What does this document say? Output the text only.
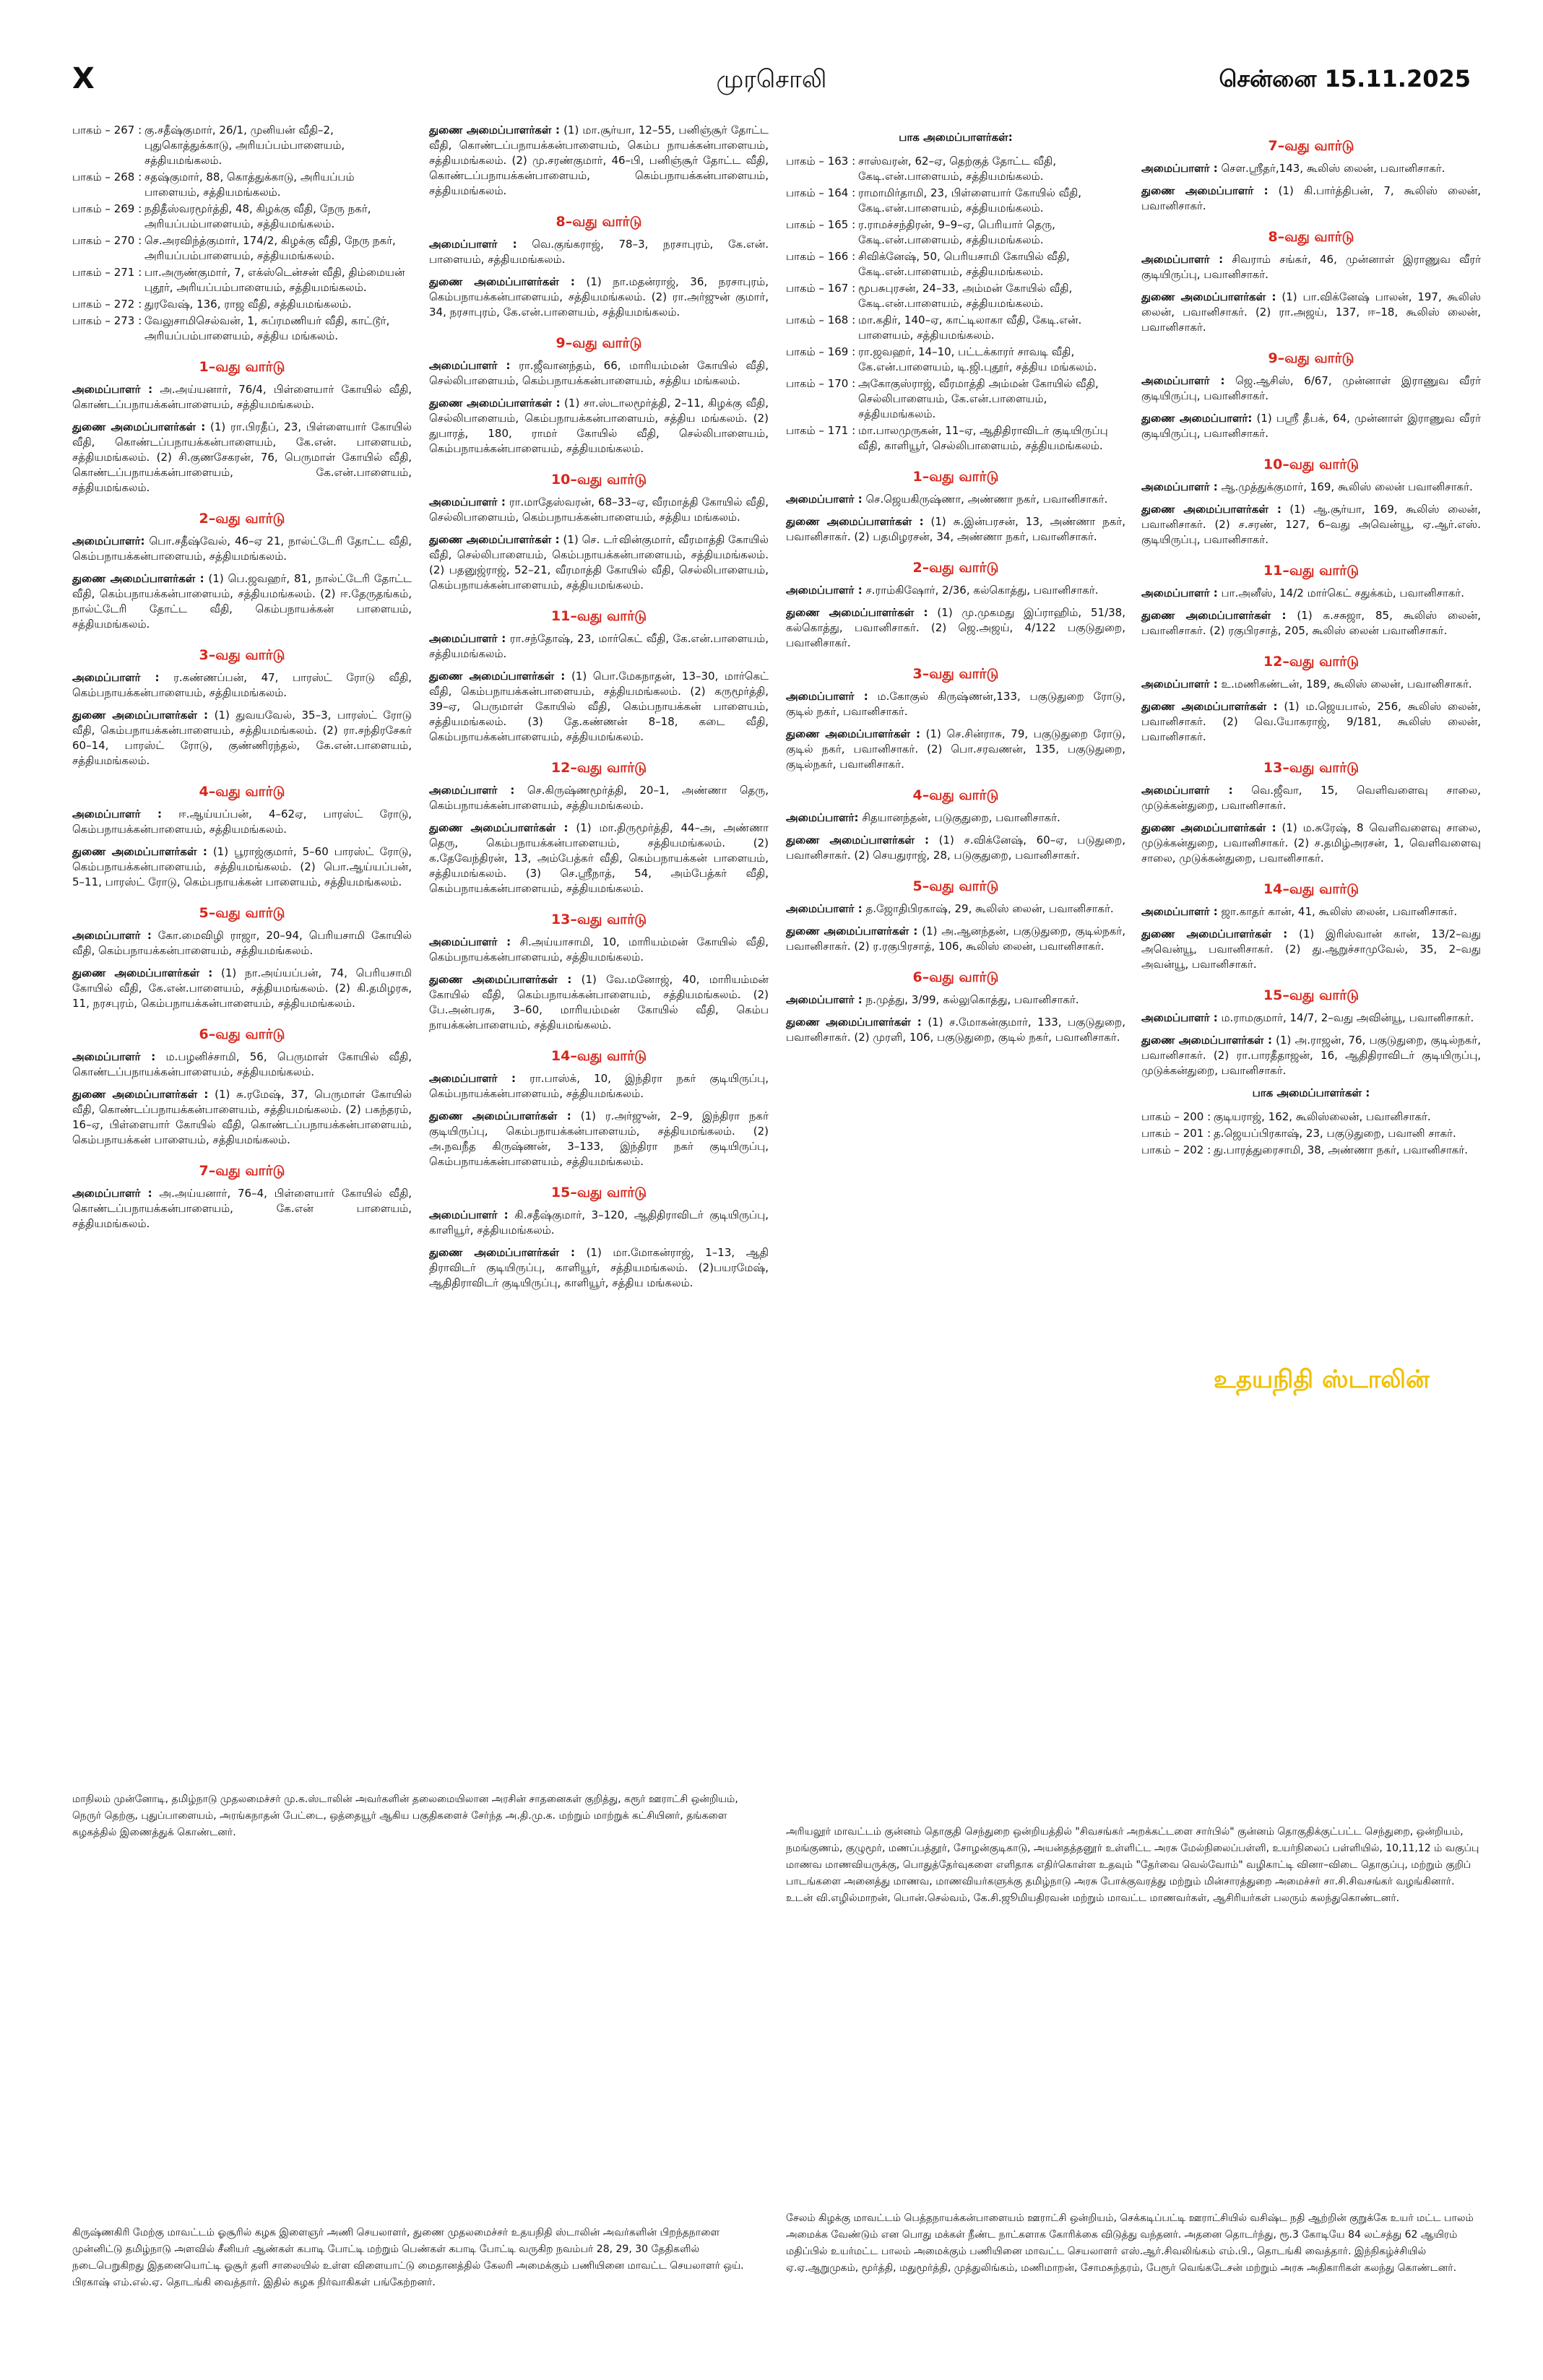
X	முரசொலி	சென்னை 15.11.2025
பாகம் – 267 : கு.சதீஷ்குமார், 26/1, முனியன் வீதி–2, புதுகொத்துக்காடு, அரியப்பம்பாளையம், சத்தியமங்கலம்.
பாகம் – 268 : சதஷ்குமார், 88, கொத்துக்காடு, அரியப்பம் பாளையம், சத்தியமங்கலம்.
பாகம் – 269 : நதிதீஸ்வரமூர்த்தி, 48, கிழக்கு வீதி, நேரு நகர், அரியப்பம்பாளையம், சத்தியமங்கலம்.
பாகம் – 270 : செ.அரவிந்த்குமார், 174/2, கிழக்கு வீதி, நேரு நகர், அரியப்பம்பாளையம், சத்தியமங்கலம்.
பாகம் – 271 : பா.அருண்குமார், 7, எக்ஸ்டென்சன் வீதி, திம்மையன் புதூர், அரியப்பம்பாளையம், சத்தியமங்கலம்.
பாகம் – 272 : துரவேஷ், 136, ராஜ வீதி, சத்தியமங்கலம்.
பாகம் – 273 : வேலுசாமிசெல்வன், 1, சுப்ரமணியர் வீதி, காட்டூர், அரியப்பம்பாளையம், சத்திய மங்கலம்.
1–வது வார்டு

அமைப்பாளர் : அ.அய்யனார், 76/4, பிள்ளையார் கோயில் வீதி, கொண்டப்பநாயக்கன்பாளையம், சத்தியமங்கலம்.

துணை அமைப்பாளர்கள் : (1) ரா.பிரதீப், 23, பிள்ளையார் கோயில் வீதி, கொண்டப்பநாயக்கன்பாளையம், கே.என். பாளையம், சத்தியமங்கலம். (2) சி.குணசேகரன், 76, பெருமாள் கோயில் வீதி, கொண்டப்பநாயக்கன்பாளையம், கே.என்.பாளையம், சத்தியமங்கலம்.

2–வது வார்டு

அமைப்பாளர்: பொ.சதீஷ்வேல், 46–ஏ 21, நால்ட்டேரி தோட்ட வீதி, கெம்பநாயக்கன்பாளையம், சத்தியமங்கலம்.

துணை அமைப்பாளர்கள் : (1) பெ.ஜவஹர், 81, நால்ட்டேரி தோட்ட வீதி, கெம்பநாயக்கன்பாளையம், சத்தியமங்கலம். (2) ஈ.தேருதங்கம், நால்ட்டேரி தோட்ட வீதி, கெம்பநாயக்கன் பாளையம், சத்தியமங்கலம்.

3–வது வார்டு

அமைப்பாளர் : ர.கண்ணப்பன், 47, பாரஸ்ட் ரோடு வீதி, கெம்பநாயக்கன்பாளையம், சத்தியமங்கலம்.

துணை அமைப்பாளர்கள் : (1) துவயவேல், 35–3, பாரஸ்ட் ரோடு வீதி, கெம்பநாயக்கன்பாளையம், சத்தியமங்கலம். (2) ரா.சந்திரசேகர் 60–14, பாரஸ்ட் ரோடு, குண்ணிரந்தல், கே.என்.பாளையம், சத்தியமங்கலம்.

4–வது வார்டு

அமைப்பாளர் : ஈ.ஆய்யப்பன், 4–62ஏ, பாரஸ்ட் ரோடு, கெம்பநாயக்கன்பாளையம், சத்தியமங்கலம்.

துணை அமைப்பாளர்கள் : (1) பூராஜ்குமார், 5–60 பாரஸ்ட் ரோடு, கெம்பநாயக்கன்பாளையம், சத்தியமங்கலம். (2) பொ.ஆய்யப்பன், 5–11, பாரஸ்ட் ரோடு, கெம்பநாயக்கன் பாளையம், சத்தியமங்கலம்.

5–வது வார்டு

அமைப்பாளர் : கோ.மைவிழி ராஜா, 20–94, பெரியசாமி கோயில் வீதி, கெம்பநாயக்கன்பாளையம், சத்தியமங்கலம்.

துணை அமைப்பாளர்கள் : (1) நா.அய்யப்பன், 74, பெரியசாமி கோயில் வீதி, கே.என்.பாளையம், சத்தியமங்கலம். (2) கி.தமிழரசு, 11, நரசபுரம், கெம்பநாயக்கன்பாளையம், சத்தியமங்கலம்.

6–வது வார்டு

அமைப்பாளர் : ம.பழனிச்சாமி, 56, பெருமாள் கோயில் வீதி, கொண்டப்பநாயக்கன்பாளையம், சத்தியமங்கலம்.

துணை அமைப்பாளர்கள் : (1) சு.ரமேஷ், 37, பெருமாள் கோயில் வீதி, கொண்டப்பநாயக்கன்பாளையம், சத்தியமங்கலம். (2) பகந்தரம், 16–ஏ, பிள்ளையார் கோயில் வீதி, கொண்டப்பநாயக்கன்பாளையம், கெம்பநாயக்கன் பாளையம், சத்தியமங்கலம்.

7–வது வார்டு

அமைப்பாளர் : அ.அய்யனார், 76–4, பிள்ளையார் கோயில் வீதி, கொண்டப்பநாயக்கன்பாளையம், கே.என் பாளையம், சத்தியமங்கலம்.

துணை அமைப்பாளர்கள் : (1) மா.சூர்யா, 12–55, பனிஞ்சூர் தோட்ட வீதி, கொண்டப்பநாயக்கன்பாளையம், கெம்ப நாயக்கன்பாளையம், சத்தியமங்கலம். (2) மு.சரண்குமார், 46–பி, பனிஞ்சூர் தோட்ட வீதி, கொண்டப்பநாயக்கன்பாளையம், கெம்பநாயக்கன்பாளையம், சத்தியமங்கலம்.

8–வது வார்டு

அமைப்பாளர் : வெ.குங்கராஜ், 78–3, நரசாபுரம், கே.என். பாளையம், சத்தியமங்கலம்.

துணை அமைப்பாளர்கள் : (1) நா.மதன்ராஜ், 36, நரசாபுரம், கெம்பநாயக்கன்பாளையம், சத்தியமங்கலம். (2) ரா.அர்ஜுன் குமார், 34, நரசாபுரம், கே.என்.பாளையம், சத்தியமங்கலம்.

9–வது வார்டு

அமைப்பாளர் : ரா.ஜீவானந்தம், 66, மாரியம்மன் கோயில் வீதி, செல்லிபாளையம், கெம்பநாயக்கன்பாளையம், சத்திய மங்கலம்.

துணை அமைப்பாளர்கள் : (1) சா.ஸ்டாலமூர்த்தி, 2–11, கிழக்கு வீதி, செல்லிபாளையம், கெம்பநாயக்கன்பாளையம், சத்திய மங்கலம். (2) துபாரத், 180, ராமர் கோயில் வீதி, செல்லிபாளையம், கெம்பநாயக்கன்பாளையம், சத்தியமங்கலம்.

10–வது வார்டு

அமைப்பாளர் : ரா.மாதேஸ்வரன், 68–33–ஏ, வீரமாத்தி கோயில் வீதி, செல்லிபாளையம், கெம்பநாயக்கன்பாளையம், சத்திய மங்கலம்.

துணை அமைப்பாளர்கள் : (1) செ. டா்வின்குமார், வீரமாத்தி கோயில் வீதி, செல்லிபாளையம், கெம்பநாயக்கன்பாளையம், சத்தியமங்கலம். (2) பதனுஜ்ராஜ், 52–21, வீரமாத்தி கோயில் வீதி, செல்லிபாளையம், கெம்பநாயக்கன்பாளையம், சத்தியமங்கலம்.

11–வது வார்டு

அமைப்பாளர் : ரா.சந்தோஷ், 23, மார்கெட் வீதி, கே.என்.பாளையம், சத்தியமங்கலம்.

துணை அமைப்பாளர்கள் : (1) பொ.மேகநாதன், 13–30, மார்கெட் வீதி, கெம்பநாயக்கன்பாளையம், சத்தியமங்கலம். (2) கருமூர்த்தி, 39–ஏ, பெருமாள் கோயில் வீதி, கெம்பநாயக்கன் பாளையம், சத்தியமங்கலம். (3) தே.கண்ணன் 8–18, கடை வீதி, கெம்பநாயக்கன்பாளையம், சத்தியமங்கலம்.

12–வது வார்டு

அமைப்பாளர் : செ.கிருஷ்ணமூர்த்தி, 20–1, அண்ணா தெரு, கெம்பநாயக்கன்பாளையம், சத்தியமங்கலம்.

துணை அமைப்பாளர்கள் : (1) மா.திருமூர்த்தி, 44–அ, அண்ணா தெரு, கெம்பநாயக்கன்பாளையம், சத்தியமங்கலம். (2) க.தேவேந்திரன், 13, அம்பேத்கர் வீதி, கெம்பநாயக்கன் பாளையம், சத்தியமங்கலம். (3) செ.ஸ்ரீநாத், 54, அம்பேத்கர் வீதி, கெம்பநாயக்கன்பாளையம், சத்தியமங்கலம்.

13–வது வார்டு

அமைப்பாளர் : சி.அய்யாசாமி, 10, மாரியம்மன் கோயில் வீதி, கெம்பநாயக்கன்பாளையம், சத்தியமங்கலம்.

துணை அமைப்பாளர்கள் : (1) வே.மனோஜ், 40, மாரியம்மன் கோயில் வீதி, கெம்பநாயக்கன்பாளையம், சத்தியமங்கலம். (2) பே.அன்பரசு, 3–60, மாரியம்மன் கோயில் வீதி, கெம்ப நாயக்கன்பாளையம், சத்தியமங்கலம்.

14–வது வார்டு

அமைப்பாளர் : ரா.பாஸ்க், 10, இந்திரா நகர் குடியிருப்பு, கெம்பநாயக்கன்பாளையம், சத்தியமங்கலம்.

துணை அமைப்பாளர்கள் : (1) ர.அர்ஜுன், 2–9, இந்திரா நகர் குடியிருப்பு, கெம்பநாயக்கன்பாளையம், சத்தியமங்கலம். (2) அ.நவநீத கிருஷ்ணன், 3–133, இந்திரா நகர் குடியிருப்பு, கெம்பநாயக்கன்பாளையம், சத்தியமங்கலம்.

15–வது வார்டு

அமைப்பாளர் : கி.சதீஷ்குமார், 3–120, ஆதிதிராவிடர் குடியிருப்பு, காளியூர், சத்தியமங்கலம்.

துணை அமைப்பாளர்கள் : (1) மா.மோகன்ராஜ், 1–13, ஆதி திராவிடர் குடியிருப்பு, காளியூர், சத்தியமங்கலம். (2)பயரமேஷ், ஆதிதிராவிடர் குடியிருப்பு, காளியூர், சத்திய மங்கலம்.

பாக அமைப்பாளர்கள்:
பாகம் – 163 : சாஸ்வரன், 62–ஏ, தெற்குத் தோட்ட வீதி, கேடி.என்.பாளையம், சத்தியமங்கலம்.
பாகம் – 164 : ராமாமிர்தாமி, 23, பிள்ளையார் கோயில் வீதி, கேடி.என்.பாளையம், சத்தியமங்கலம்.
பாகம் – 165 : ர.ராமச்சந்திரன், 9–9–ஏ, பெரியார் தெரு, கேடி.என்.பாளையம், சத்தியமங்கலம்.
பாகம் – 166 : சிவிக்னேஷ், 50, பெரியசாமி கோயில் வீதி, கேடி.என்.பாளையம், சத்தியமங்கலம்.
பாகம் – 167 : மூபசுபுரசன், 24–33, அம்மன் கோயில் வீதி, கேடி.என்.பாளையம், சத்தியமங்கலம்.
பாகம் – 168 : மா.கதிர், 140–ஏ, காட்டிலாகா வீதி, கேடி.என். பாளையம், சத்தியமங்கலம்.
பாகம் – 169 : ரா.ஜவஹர், 14–10, பட்டக்காரர் சாவடி வீதி, கே.என்.பாளையம், டி.ஜி.புதூர், சத்திய மங்கலம்.
பாகம் – 170 : அகோகுஸ்ராஜ், வீரமாத்தி அம்மன் கோயில் வீதி, செல்லிபாளையம், கே.என்.பாளையம், சத்தியமங்கலம்.
பாகம் – 171 : மா.பாலமுருகன், 11–ஏ, ஆதிதிராவிடர் குடியிருப்பு வீதி, காளியூர், செல்லிபாளையம், சத்தியமங்கலம்.
1–வது வார்டு

அமைப்பாளர் : செ.ஜெயகிருஷ்ணா, அண்ணா நகர், பவானிசாகர்.

துணை அமைப்பாளர்கள் : (1) சு.இன்பரசன், 13, அண்ணா நகர், பவானிசாகர். (2) பதமிழரசன், 34, அண்ணா நகர், பவானிசாகர்.

2–வது வார்டு

அமைப்பாளர் : ச.ராம்கிஷோர், 2/36, கல்கொத்து, பவானிசாகர்.

துணை அமைப்பாளர்கள் : (1) மு.முகமது இப்ராஹிம், 51/38, கல்கொத்து, பவானிசாகர். (2) ஜெ.அஜய், 4/122 பகுடுதுறை, பவானிசாகர்.

3–வது வார்டு

அமைப்பாளர் : ம.கோகுல் கிருஷ்ணன்,133, பகுடுதுறை ரோடு, குடில் நகர், பவானிசாகர்.

துணை அமைப்பாளர்கள் : (1) செ.சின்ராசு, 79, பகுடுதுறை ரோடு, குடில் நகர், பவானிசாகர். (2) பொ.சரவணன், 135, பகுடுதுறை, குடில்நகர், பவானிசாகர்.

4–வது வார்டு

அமைப்பாளர்: சிதயானந்தன், படுகுதுறை, பவானிசாகர்.

துணை அமைப்பாளர்கள் : (1) ச.விக்னேஷ், 60–ஏ, படுதுறை, பவானிசாகர். (2) செயதுராஜ், 28, படுகுதுறை, பவானிசாகர்.

5–வது வார்டு

அமைப்பாளர் : த.ஜோதிபிரகாஷ், 29, கூலிஸ் லைன், பவானிசாகர்.

துணை அமைப்பாளர்கள் : (1) அ.ஆனந்தன், பகுடுதுறை, குடில்நகர், பவானிசாகர். (2) ர.ரகுபிரசாத், 106, கூலிஸ் லைன், பவானிசாகர்.

6–வது வார்டு

அமைப்பாளர் : ந.முத்து, 3/99, கல்லுகொத்து, பவானிசாகர்.

துணை அமைப்பாளர்கள் : (1) ச.மோகன்குமார், 133, பகுடுதுறை, பவானிசாகர். (2) முரளி, 106, பகுடுதுறை, குடில் நகர், பவானிசாகர்.

7–வது வார்டு

அமைப்பாளர் : செள.ஸ்ரீதர்,143, கூலிஸ் லைன், பவானிசாகர்.

துணை அமைப்பாளர் : (1) கி.பார்த்திபன், 7, கூலிஸ் லைன், பவானிசாகர்.

8–வது வார்டு

அமைப்பாளர் : சிவராம் சங்கர், 46, முன்னாள் இராணுவ வீரர் குடியிருப்பு, பவானிசாகர்.

துணை அமைப்பாளர்கள் : (1) பா.விக்னேஷ் பாலன், 197, கூலிஸ் லைன், பவானிசாகர். (2) ரா.அஜய், 137, ஈ–18, கூலிஸ் லைன், பவானிசாகர்.

9–வது வார்டு

அமைப்பாளர் : ஜெ.ஆசிஸ், 6/67, முன்னாள் இராணுவ வீரர் குடியிருப்பு, பவானிசாகர்.

துணை அமைப்பாளர்: (1) பஸ்ரீ தீபக், 64, முன்னாள் இராணுவ வீரர் குடியிருப்பு, பவானிசாகர்.

10–வது வார்டு

அமைப்பாளர் : ஆ.முத்துக்குமார், 169, கூலிஸ் லைன் பவானிசாகர்.

துணை அமைப்பாளர்கள் : (1) ஆ.சூர்யா, 169, கூலிஸ் லைன், பவானிசாகர். (2) ச.சரண், 127, 6–வது அவென்யூ, ஏ.ஆர்.எஸ். குடியிருப்பு, பவானிசாகர்.

11–வது வார்டு

அமைப்பாளர் : பா.அனீஸ், 14/2 மார்கெட் சதுக்கம், பவானிசாகர்.

துணை அமைப்பாளர்கள் : (1) க.சசுஜா, 85, கூலிஸ் லைன், பவானிசாகர். (2) ரகுபிரசாத், 205, கூலிஸ் லைன் பவானிசாகர்.

12–வது வார்டு

அமைப்பாளர் : உ.மணிகண்டன், 189, கூலிஸ் லைன், பவானிசாகர்.

துணை அமைப்பாளர்கள் : (1) ம.ஜெயபால், 256, கூலிஸ் லைன், பவானிசாகர். (2) வெ.யோகராஜ், 9/181, கூலிஸ் லைன், பவானிசாகர்.

13–வது வார்டு

அமைப்பாளர் : வெ.ஜீவா, 15, வெளிவளைவு சாலை, முடுக்கன்துறை, பவானிசாகர்.

துணை அமைப்பாளர்கள் : (1) ம.சுரேஷ், 8 வெளிவளைவு சாலை, முடுக்கன்துறை, பவானிசாகர். (2) ச.தமிழ்அரசன், 1, வெளிவளைவு சாலை, முடுக்கன்துறை, பவானிசாகர்.

14–வது வார்டு

அமைப்பாளர் : ஜா.காதர் கான், 41, கூலிஸ் லைன், பவானிசாகர்.

துணை அமைப்பாளர்கள் : (1) இரிஸ்வான் கான், 13/2–வது அவென்யூ, பவானிசாகர். (2) து.ஆறுச்சாமுவேல், 35, 2–வது அவன்யூ, பவானிசாகர்.

15–வது வார்டு

அமைப்பாளர் : ம.ராமகுமார், 14/7, 2–வது அவின்யூ, பவானிசாகர்.

துணை அமைப்பாளர்கள் : (1) அ.ராஜன், 76, பகுடுதுறை, குடில்நகர், பவானிசாகர். (2) ரா.பாரதீதாஜன், 16, ஆதிதிராவிடர் குடியிருப்பு, முடுக்கன்துறை, பவானிசாகர்.

பாக அமைப்பாளர்கள் :
பாகம் – 200 : குடியராஜ், 162, கூலிஸ்லைன், பவானிசாகர்.
பாகம் – 201 : த.ஜெயப்பிரகாஷ், 23, பகுடுதுறை, பவானி சாகர்.
பாகம் – 202 : து.பாரத்துரைசாமி, 38, அண்ணா நகர், பவானிசாகர்.
உதயநிதி ஸ்டாலின்
மாநிலம் முன்னோடி, தமிழ்நாடு முதலமைச்சர் மு.க.ஸ்டாலின் அவர்களின் தலைமையிலான அரசின் சாதனைகள் குறித்து, கரூர் ஊராட்சி ஒன்றியம், நெருர் தெற்கு, புதுப்பாளையம், அரங்கநாதன் பேட்டை, ஒத்தையூர் ஆகிய பகுதிகளைச் சேர்ந்த அ.தி.மு.க. மற்றும் மாற்றுக் கட்சியினர், தங்களை கழகத்தில் இணைத்துக் கொண்டனர்.	அரியலூர் மாவட்டம் குன்னம் தொகுதி செந்துறை ஒன்றியத்தில் "சிவசங்கர் அறக்கட்டளை சார்பில்" குன்னம் தொகுதிக்குட்பட்ட செந்துறை, ஒன்றியம், நமங்குணம், குழுமூர், மணப்பத்தூர், சோழன்குடிகாடு, அயன்தத்தனூர் உள்ளிட்ட அரசு மேல்நிலைப்பள்ளி, உயர்நிலைப் பள்ளியில், 10,11,12 ம் வகுப்பு மாணவ மாணவியருக்கு, பொதுத்தேர்வுகளை எளிதாக எதிர்கொள்ள உதவும் "தேர்வை வெல்வோம்" வழிகாட்டி வினா–விடை தொகுப்பு, மற்றும் குறிப் பாடங்களை அனைத்து மாணவ, மாணவியர்களுக்கு தமிழ்நாடு அரசு போக்குவரத்து மற்றும் மின்சாரத்துறை அமைச்சர் சா.சி.சிவசங்கர் வழங்கினார். உடன் வி.எழில்மாறன், பொன்.செல்வம், கே.சி.ஜூமியதிரவன் மற்றும் மாவட்ட மாணவர்கள், ஆசிரியர்கள் பலரும் கலந்துகொண்டனர்.
கிருஷ்ணகிரி மேற்கு மாவட்டம் ஓசூரில் கழக இளைஞர் அணி செயலாளர், துணை முதலமைச்சர் உதயநிதி ஸ்டாலின் அவர்களின் பிறந்தநாளை முன்னிட்டு தமிழ்நாடு அளவில் சீனியர் ஆண்கள் கபாடி போட்டி மற்றும் பெண்கள் கபாடி போட்டி வருகிற நவம்பர் 28, 29, 30 தேதிகளில் நடைபெறுகிறது இதனையொட்டி ஓசூர் தளி சாலையில் உள்ள விளையாட்டு மைதானத்தில் கேலரி அமைக்கும் பணியினை மாவட்ட செயலாளர் ஒய். பிரகாஷ் எம்.எல்.ஏ. தொடங்கி வைத்தார். இதில் கழக நிர்வாகிகள் பங்கேற்றனர்.
சேலம் கிழக்கு மாவட்டம் பெத்தநாயக்கன்பாளையம் ஊராட்சி ஒன்றியம், செக்கடிப்பட்டி ஊராட்சியில் வசிஷ்ட நதி ஆற்றின் குறுக்கே உயர் மட்ட பாலம் அமைக்க வேண்டும் என பொது மக்கள் நீண்ட நாட்களாக கோரிக்கை விடுத்து வந்தனர். அதனை தொடர்ந்து, ரூ.3 கோடியே 84 லட்சத்து 62 ஆயிரம் மதிப்பில் உயர்மட்ட பாலம் அமைக்கும் பணியினை மாவட்ட செயலாளர் எஸ்.ஆர்.சிவலிங்கம் எம்.பி., தொடங்கி வைத்தார். இந்நிகழ்ச்சியில் ஏ.ஏ.ஆறுமுகம், மூர்த்தி, மதுமூர்த்தி, முத்துலிங்கம், மணிமாறன், சோமசுந்தரம், பேரூர் வெங்கடேசன் மற்றும் அரசு அதிகாரிகள் கலந்து கொண்டனர்.
